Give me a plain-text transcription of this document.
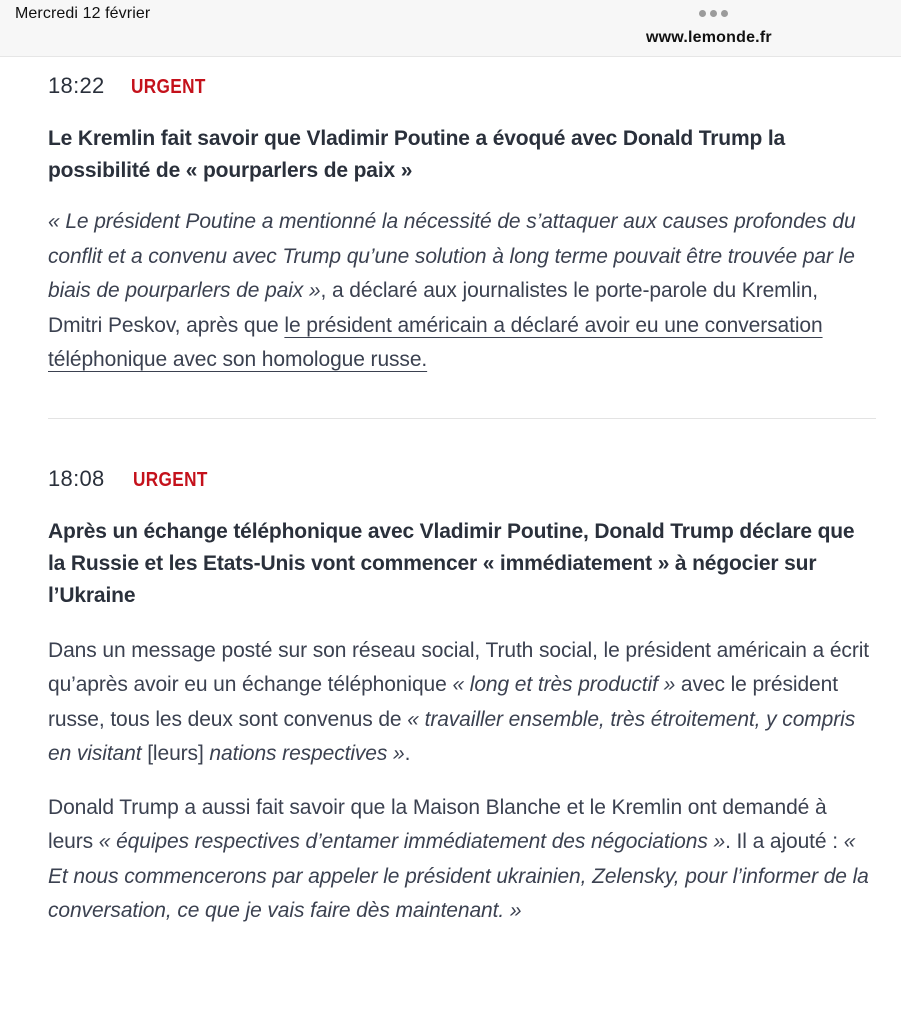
Mercredi 12 février
www.lemonde.fr
18:22 URGENT
Le Kremlin fait savoir que Vladimir Poutine a évoqué avec Donald Trump la possibilité de « pourparlers de paix »

« Le président Poutine a mentionné la nécessité de s’attaquer aux causes profondes du conflit et a convenu avec Trump qu’une solution à long terme pouvait être trouvée par le biais de pourparlers de paix », a déclaré aux journalistes le porte-parole du Kremlin, Dmitri Peskov, après que le président américain a déclaré avoir eu une conversation téléphonique avec son homologue russe.

18:08 URGENT
Après un échange téléphonique avec Vladimir Poutine, Donald Trump déclare que la Russie et les Etats-Unis vont commencer « immédiatement » à négocier sur l’Ukraine

Dans un message posté sur son réseau social, Truth social, le président américain a écrit qu’après avoir eu un échange téléphonique « long et très productif » avec le président russe, tous les deux sont convenus de « travailler ensemble, très étroitement, y compris en visitant [leurs] nations respectives ».

Donald Trump a aussi fait savoir que la Maison Blanche et le Kremlin ont demandé à leurs « équipes respectives d’entamer immédiatement des négociations ». Il a ajouté : « Et nous commencerons par appeler le président ukrainien, Zelensky, pour l’informer de la conversation, ce que je vais faire dès maintenant. »
